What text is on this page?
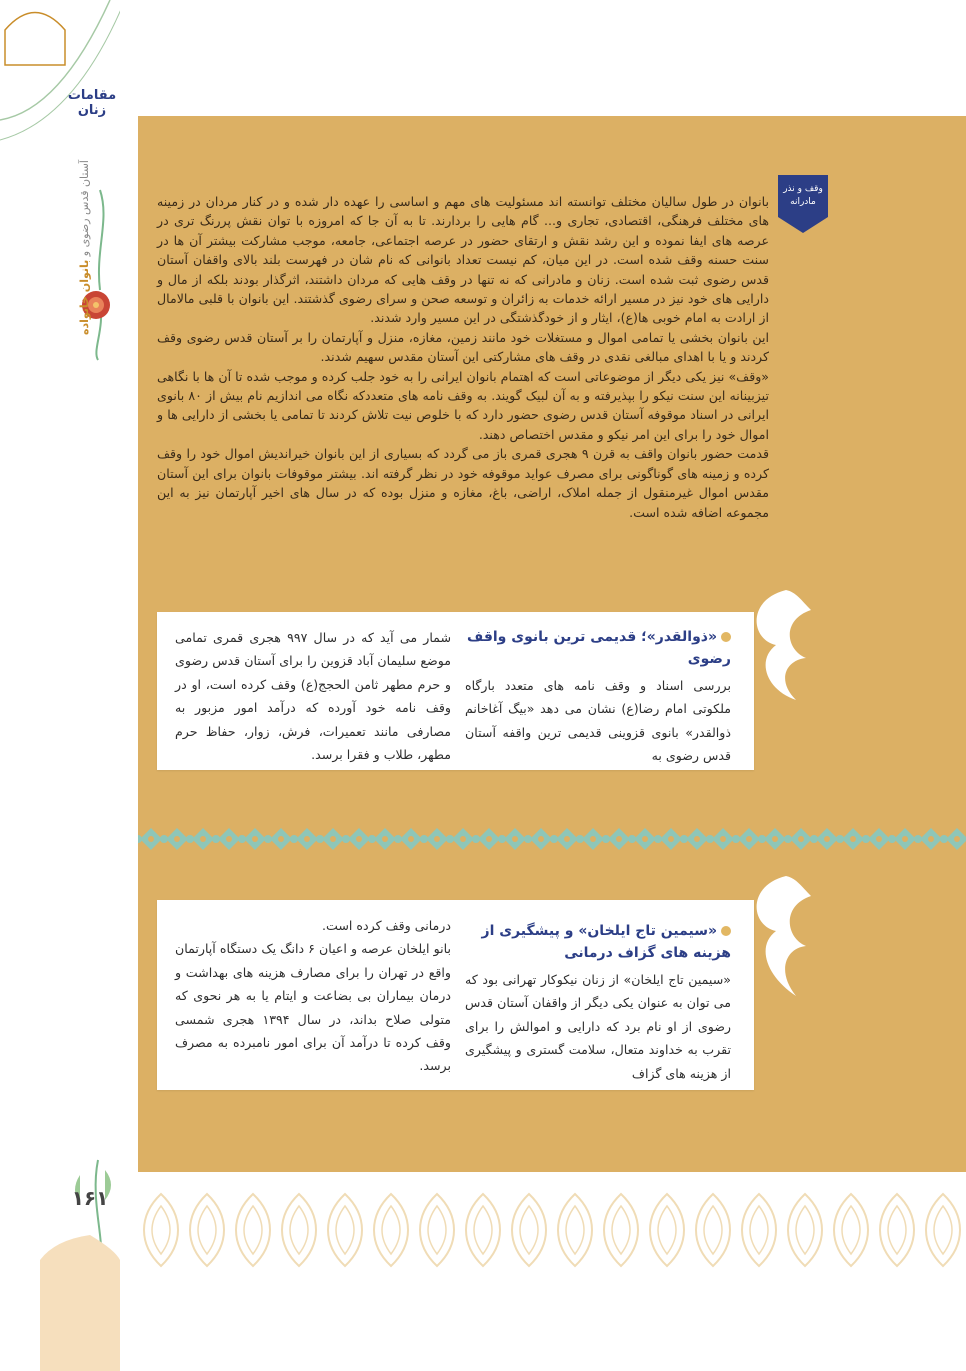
مقامات زنان
آستان قدس رضوی و بانوان خانواده
۱۶۱
وقف و نذر
مادرانه

بانوان در طول سالیان مختلف توانسته اند مسئولیت های مهم و اساسی را عهده دار شده و در کنار مردان در زمینه های مختلف فرهنگی، اقتصادی، تجاری و... گام هایی را بردارند. تا به آن جا که امروزه با توان نقش پررنگ تری در عرصه های ایفا نموده و این رشد نقش و ارتقای حضور در عرصه اجتماعی، جامعه، موجب مشارکت بیشتر آن ها در سنت حسنه وقف شده است. در این میان، کم نیست تعداد بانوانی که نام شان در فهرست بلند بالای واقفان آستان قدس رضوی ثبت شده است. زنان و مادرانی که نه تنها در وقف هایی که مردان داشتند، اثرگذار بودند بلکه از مال و دارایی های خود نیز در مسیر ارائه خدمات به زائران و توسعه صحن و سرای رضوی گذشتند. این بانوان با قلبی مالامال از ارادت به امام خوبی ها(ع)، ایثار و از خودگذشتگی در این مسیر وارد شدند.

این بانوان بخشی یا تمامی اموال و مستغلات خود مانند زمین، مغازه، منزل و آپارتمان را بر آستان قدس رضوی وقف کردند و یا با اهدای مبالغی نقدی در وقف های مشارکتی این آستان مقدس سهیم شدند.

«وقف» نیز یکی دیگر از موضوعاتی است که اهتمام بانوان ایرانی را به خود جلب کرده و موجب شده تا آن ها با نگاهی تیزبینانه این سنت نیکو را بپذیرفته و به آن لبیک گویند. به وقف نامه های متعددکه نگاه می اندازیم نام بیش از ۸۰ بانوی ایرانی در اسناد موقوفه آستان قدس رضوی حضور دارد که با خلوص نیت تلاش کردند تا تمامی یا بخشی از دارایی ها و اموال خود را برای این امر نیکو و مقدس اختصاص دهند.

قدمت حضور بانوان واقف به قرن ۹ هجری قمری باز می گردد که بسیاری از این بانوان خیراندیش اموال خود را وقف کرده و زمینه های گوناگونی برای مصرف عواید موقوفه خود در نظر گرفته اند. بیشتر موقوفات بانوان برای این آستان مقدس اموال غیرمنقول از جمله املاک، اراضی، باغ، مغازه و منزل بوده که در سال های اخیر آپارتمان نیز به این مجموعه اضافه شده است.

«ذوالقدر»؛ قدیمی ترین بانوی واقف رضوی

بررسی اسناد و وقف نامه های متعدد بارگاه ملکوتی امام رضا(ع) نشان می دهد «بیگ آغاخانم ذوالقدر» بانوی قزوینی قدیمی ترین واقفه آستان قدس رضوی به

شمار می آید که در سال ۹۹۷ هجری قمری تمامی موضع سلیمان آباد قزوین را برای آستان قدس رضوی و حرم مطهر ثامن الحجج(ع) وقف کرده است، او در وقف نامه خود آورده که درآمد امور مزبور به مصارفی مانند تعمیرات، فرش، زوار، حفاظ حرم مطهر، طلاب و فقرا برسد.

«سیمین تاج ایلخان» و پیشگیری از هزینه های گزاف درمانی

«سیمین تاج ایلخان» از زنان نیکوکار تهرانی بود که می توان به عنوان یکی دیگر از واقفان آستان قدس رضوی از او نام برد که دارایی و اموالش را برای تقرب به خداوند متعال، سلامت گستری و پیشگیری از هزینه های گزاف

درمانی وقف کرده است.

بانو ایلخان عرصه و اعیان ۶ دانگ یک دستگاه آپارتمان واقع در تهران را برای مصارف هزینه های بهداشت و درمان بیماران بی بضاعت و ایتام یا به هر نحوی که متولی صلاح بداند، در سال ۱۳۹۴ هجری شمسی وقف کرده تا درآمد آن برای امور نامبرده به مصرف برسد.
